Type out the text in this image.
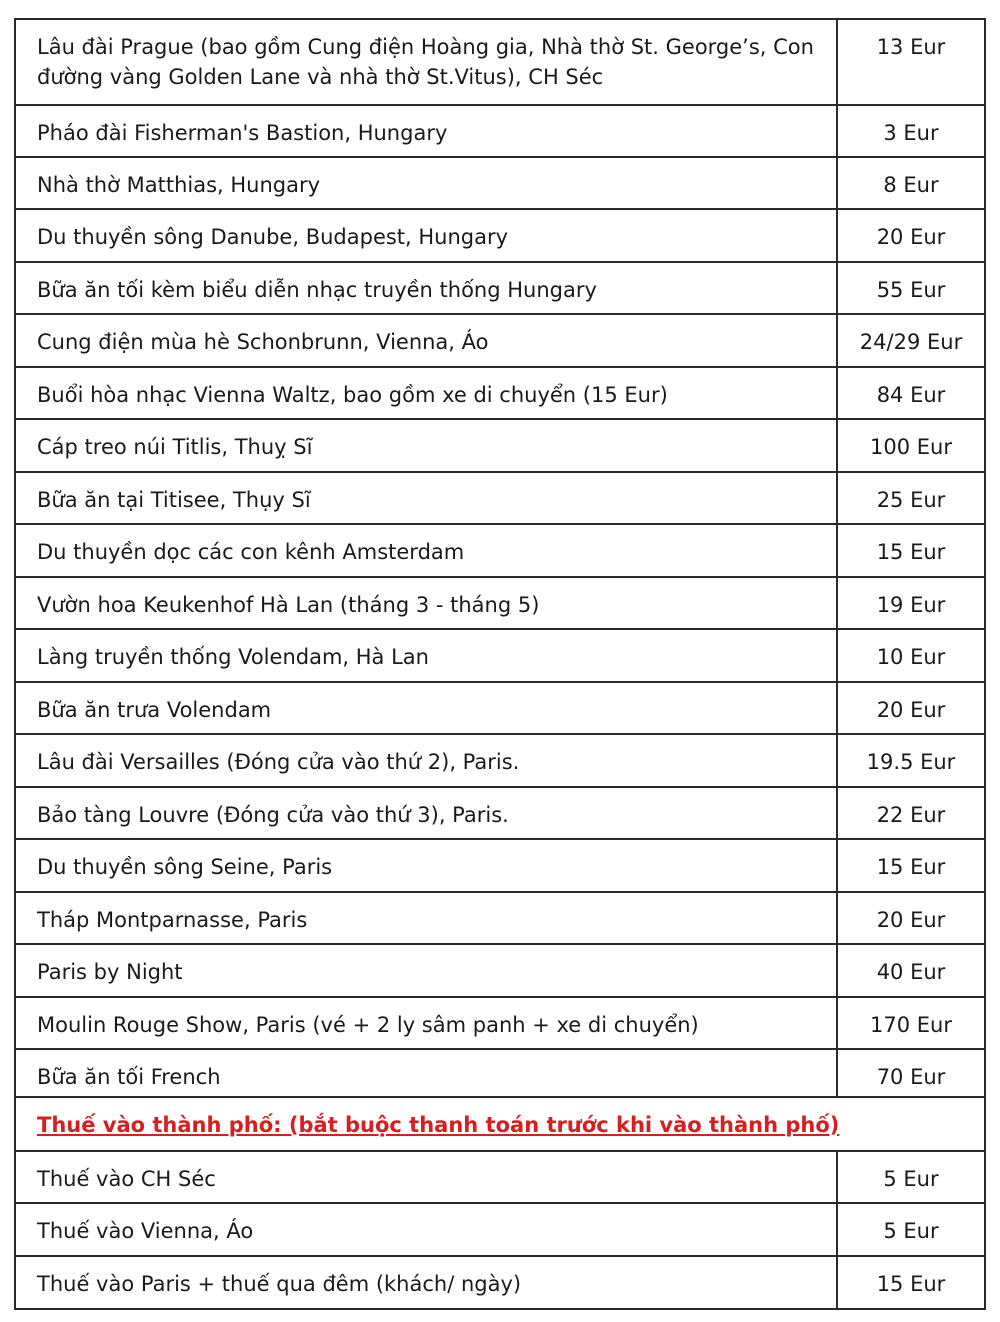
Lâu đài Prague (bao gồm Cung điện Hoàng gia, Nhà thờ St. George’s, Con đường vàng Golden Lane và nhà thờ St.Vitus), CH Séc	13 Eur
Pháo đài Fisherman's Bastion, Hungary	3 Eur
Nhà thờ Matthias, Hungary	8 Eur
Du thuyền sông Danube, Budapest, Hungary	20 Eur
Bữa ăn tối kèm biểu diễn nhạc truyền thống Hungary	55 Eur
Cung điện mùa hè Schonbrunn, Vienna, Áo	24/29 Eur
Buổi hòa nhạc Vienna Waltz, bao gồm xe di chuyển (15 Eur)	84 Eur
Cáp treo núi Titlis, Thuỵ Sĩ	100 Eur
Bữa ăn tại Titisee, Thụy Sĩ	25 Eur
Du thuyền dọc các con kênh Amsterdam	15 Eur
Vườn hoa Keukenhof Hà Lan (tháng 3 - tháng 5)	19 Eur
Làng truyền thống Volendam, Hà Lan	10 Eur
Bữa ăn trưa Volendam	20 Eur
Lâu đài Versailles (Đóng cửa vào thứ 2), Paris.	19.5 Eur
Bảo tàng Louvre (Đóng cửa vào thứ 3), Paris.	22 Eur
Du thuyền sông Seine, Paris	15 Eur
Tháp Montparnasse, Paris	20 Eur
Paris by Night	40 Eur
Moulin Rouge Show, Paris (vé + 2 ly sâm panh + xe di chuyển)	170 Eur
Bữa ăn tối French	70 Eur
Thuế vào thành phố: (bắt buộc thanh toán trước khi vào thành phố)	
Thuế vào CH Séc	5 Eur
Thuế vào Vienna, Áo	5 Eur
Thuế vào Paris + thuế qua đêm (khách/ ngày)	15 Eur
